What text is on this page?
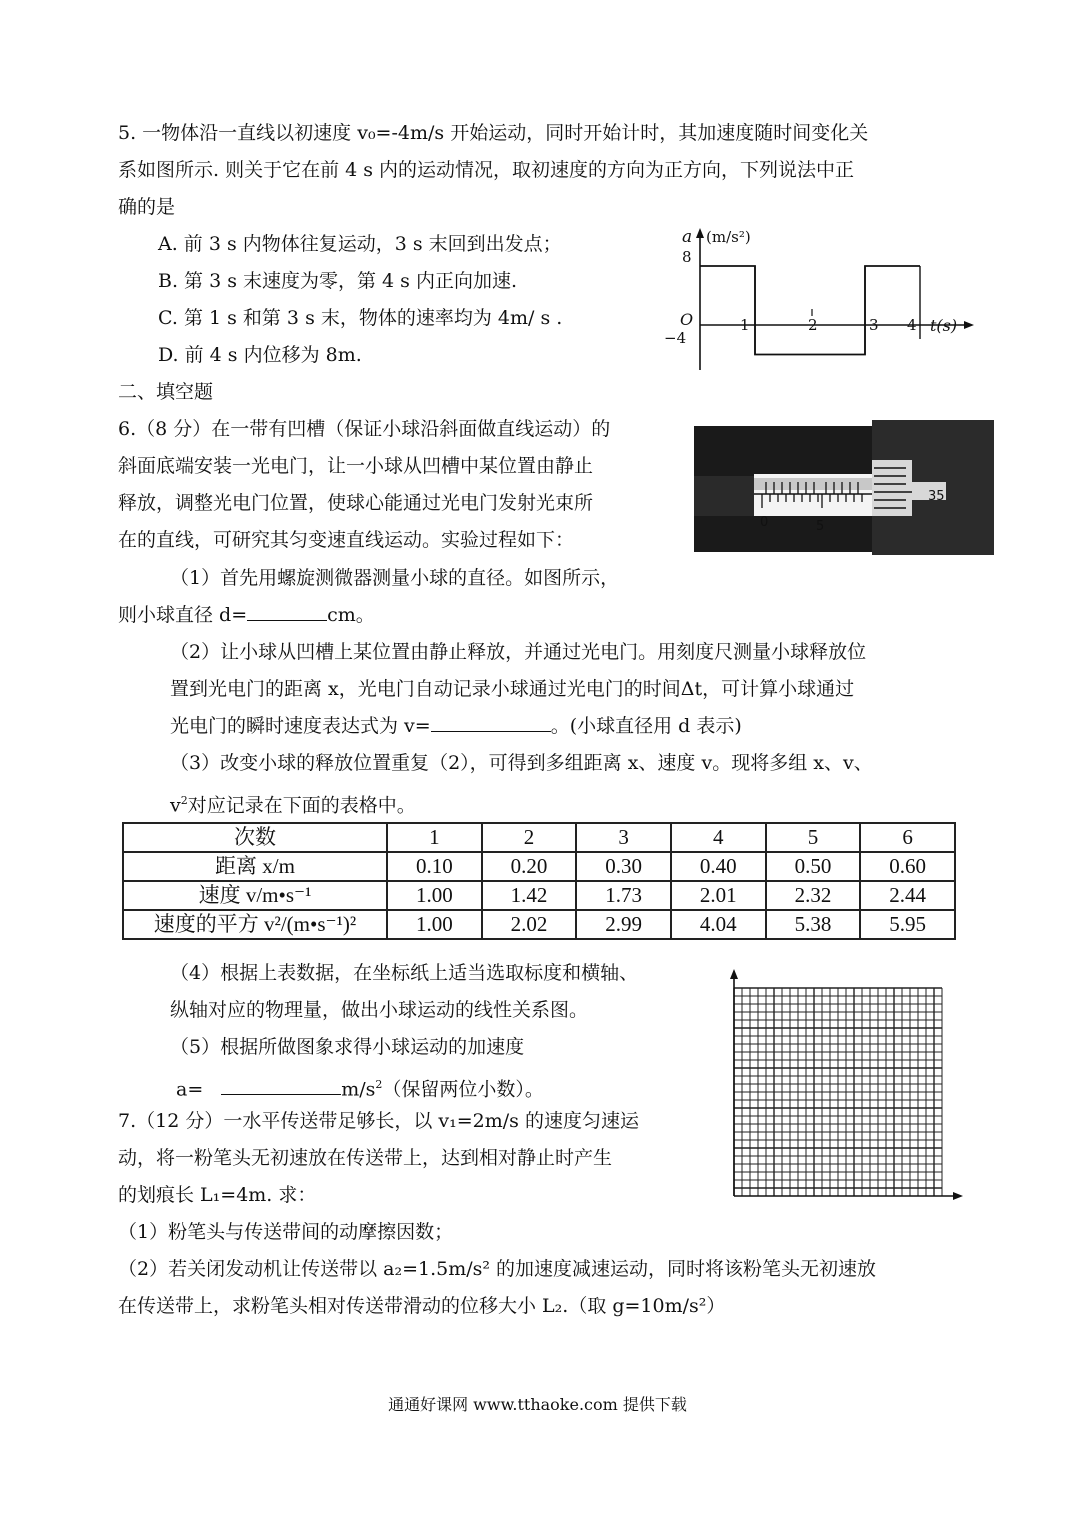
5. 一物体沿一直线以初速度 v₀=-4m/s 开始运动，同时开始计时，其加速度随时间变化关
系如图所示. 则关于它在前 4 s 内的运动情况，取初速度的方向为正方向，下列说法中正
确的是
A. 前 3 s 内物体往复运动，3 s 末回到出发点；
B. 第 3 s 末速度为零，第 4 s 内正向加速.
C. 第 1 s 和第 3 s 末，物体的速率均为 4m/ s .
D. 前 4 s 内位移为 8m.
a (m/s²)
t(s)
O
8
−4
1	2	3 4
二、填空题
6.（8 分）在一带有凹槽（保证小球沿斜面做直线运动）的
斜面底端安装一光电门，让一小球从凹槽中某位置由静止
释放，调整光电门位置，使球心能通过光电门发射光束所
在的直线，可研究其匀变速直线运动。实验过程如下：
（1）首先用螺旋测微器测量小球的直径。如图所示，
则小球直径 d=	cm。
35
0	5
（2）让小球从凹槽上某位置由静止释放，并通过光电门。用刻度尺测量小球释放位
置到光电门的距离 x，光电门自动记录小球通过光电门的时间Δt，可计算小球通过
光电门的瞬时速度表达式为 v=	。(小球直径用 d 表示)
（3）改变小球的释放位置重复（2），可得到多组距离 x、速度 v。现将多组 x、v、
$v^2$对应记录在下面的表格中。
次数	1	2	3	4	5	6
距离 x/m	0.10	0.20	0.30	0.40	0.50	0.60
速度 v/m•s⁻¹	1.00	1.42	1.73	2.01	2.32	2.44
速度的平方 v²/(m•s⁻¹)²	1.00	2.02	2.99	4.04	5.38	5.95
（4）根据上表数据，在坐标纸上适当选取标度和横轴、
纵轴对应的物理量，做出小球运动的线性关系图。
（5）根据所做图象求得小球运动的加速度
a=	$m/s^2$（保留两位小数）。
7.（12 分）一水平传送带足够长，以 v₁=2m/s 的速度匀速运
动，将一粉笔头无初速放在传送带上，达到相对静止时产生
的划痕长 L₁=4m. 求：
（1）粉笔头与传送带间的动摩擦因数；
（2）若关闭发动机让传送带以 a₂=1.5m/s² 的加速度减速运动，同时将该粉笔头无初速放
在传送带上，求粉笔头相对传送带滑动的位移大小 L₂.（取 g=10m/s²）
通通好课网 www.tthaoke.com 提供下载
